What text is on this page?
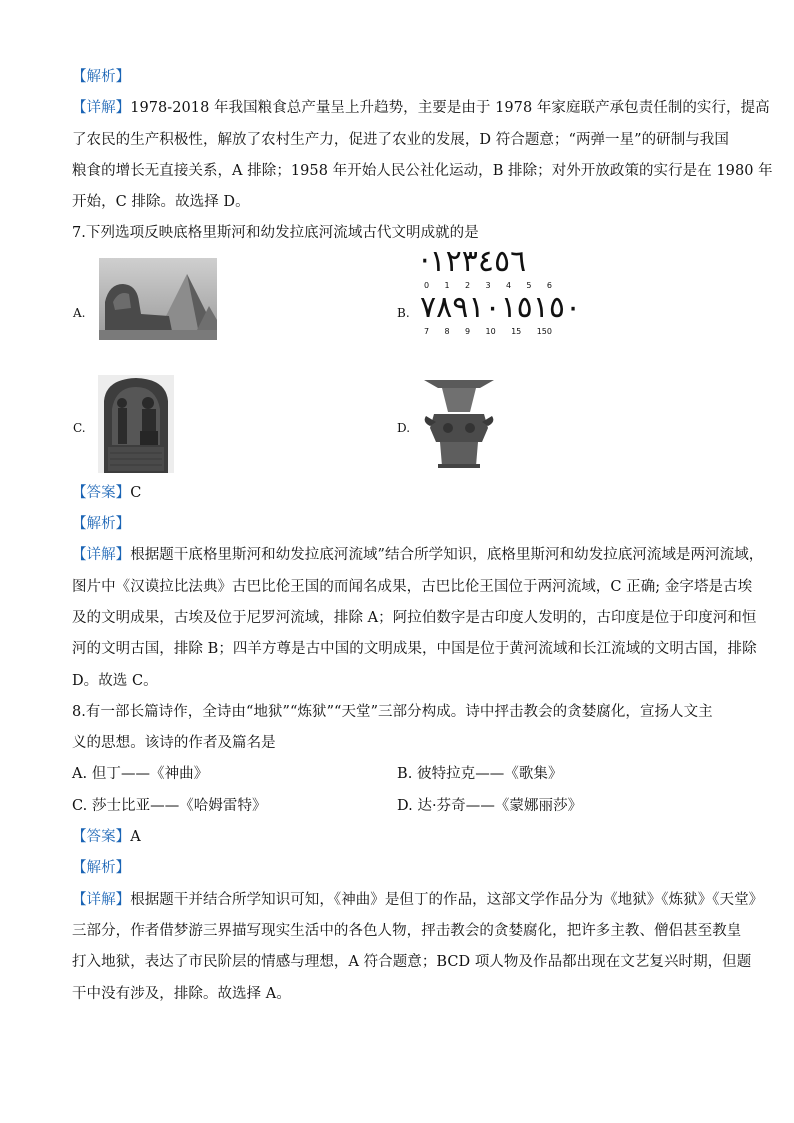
【解析】
【详解】1978-2018 年我国粮食总产量呈上升趋势，主要是由于 1978 年家庭联产承包责任制的实行，提高
了农民的生产积极性，解放了农村生产力，促进了农业的发展，D 符合题意；“两弹一星”的研制与我国
粮食的增长无直接关系，A 排除；1958 年开始人民公社化运动，B 排除；对外开放政策的实行是在 1980 年
开始，C 排除。故选择 D。
7.下列选项反映底格里斯河和幼发拉底河流域古代文明成就的是
A.	B.
·١٢٣٤٥٦
0 1 2 3 4 5 6
٧٨٩١٠١٥١٥٠
7 8 9 10 15 150
C.	D.
【答案】C
【解析】
【详解】根据题干底格里斯河和幼发拉底河流域”结合所学知识，底格里斯河和幼发拉底河流域是两河流域，
图片中《汉谟拉比法典》古巴比伦王国的而闻名成果，古巴比伦王国位于两河流域，C 正确; 金字塔是古埃
及的文明成果，古埃及位于尼罗河流域，排除 A；阿拉伯数字是古印度人发明的，古印度是位于印度河和恒
河的文明古国，排除 B；四羊方尊是古中国的文明成果，中国是位于黄河流域和长江流域的文明古国，排除
D。故选 C。
8.有一部长篇诗作，全诗由“地狱”“炼狱”“天堂”三部分构成。诗中抨击教会的贪婪腐化，宣扬人文主
义的思想。该诗的作者及篇名是
A. 但丁——《神曲》	B. 彼特拉克——《歌集》
C. 莎士比亚——《哈姆雷特》	D. 达·芬奇——《蒙娜丽莎》
【答案】A
【解析】
【详解】根据题干并结合所学知识可知，《神曲》是但丁的作品，这部文学作品分为《地狱》《炼狱》《天堂》
三部分，作者借梦游三界描写现实生活中的各色人物，抨击教会的贪婪腐化，把许多主教、僧侣甚至教皇
打入地狱，表达了市民阶层的情感与理想，A 符合题意；BCD 项人物及作品都出现在文艺复兴时期，但题
干中没有涉及，排除。故选择 A。
